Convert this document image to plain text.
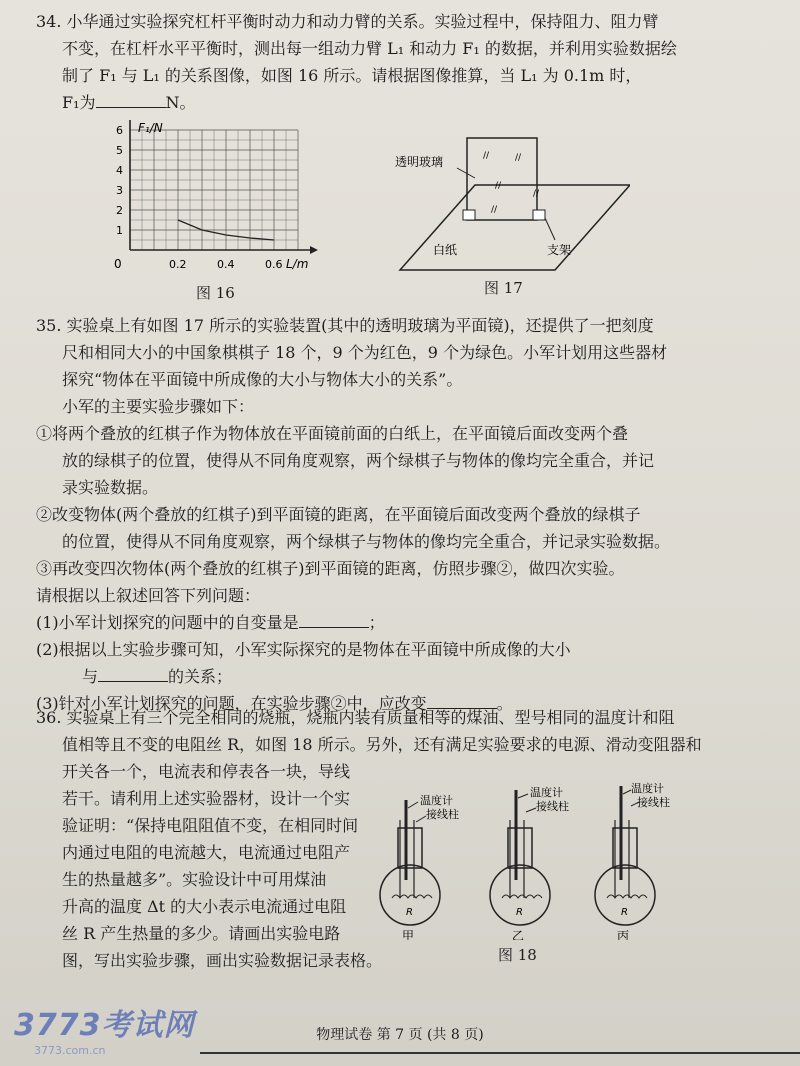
34. 小华通过实验探究杠杆平衡时动力和动力臂的关系。实验过程中，保持阻力、阻力臂

不变，在杠杆水平平衡时，测出每一组动力臂 L₁ 和动力 F₁ 的数据，并利用实验数据绘

制了 F₁ 与 L₁ 的关系图像，如图 16 所示。请根据图像推算，当 L₁ 为 0.1m 时，

F₁为	N。

1
2
3
4
5
6
0.2	0.4	0.6
0
F₁/N
L/m
图 16
//	//
//
//
//
透明玻璃
白纸	支架
图 17

35. 实验桌上有如图 17 所示的实验装置(其中的透明玻璃为平面镜)，还提供了一把刻度

尺和相同大小的中国象棋棋子 18 个，9 个为红色，9 个为绿色。小军计划用这些器材

探究“物体在平面镜中所成像的大小与物体大小的关系”。

小军的主要实验步骤如下：

①将两个叠放的红棋子作为物体放在平面镜前面的白纸上，在平面镜后面改变两个叠

放的绿棋子的位置，使得从不同角度观察，两个绿棋子与物体的像均完全重合，并记

录实验数据。

②改变物体(两个叠放的红棋子)到平面镜的距离，在平面镜后面改变两个叠放的绿棋子

的位置，使得从不同角度观察，两个绿棋子与物体的像均完全重合，并记录实验数据。

③再改变四次物体(两个叠放的红棋子)到平面镜的距离，仿照步骤②，做四次实验。

请根据以上叙述回答下列问题：

(1)小军计划探究的问题中的自变量是	；

(2)根据以上实验步骤可知，小军实际探究的是物体在平面镜中所成像的大小

与	的关系；

(3)针对小军计划探究的问题，在实验步骤②中，应改变	。

36. 实验桌上有三个完全相同的烧瓶，烧瓶内装有质量相等的煤油、型号相同的温度计和阻

值相等且不变的电阻丝 R，如图 18 所示。另外，还有满足实验要求的电源、滑动变阻器和

开关各一个，电流表和停表各一块，导线

若干。请利用上述实验器材，设计一个实

验证明：“保持电阻阻值不变，在相同时间

内通过电阻的电流越大，电流通过电阻产

生的热量越多”。实验设计中可用煤油

升高的温度 Δt 的大小表示电流通过电阻

丝 R 产生热量的多少。请画出实验电路

图，写出实验步骤，画出实验数据记录表格。

R
温度计
接线柱
甲
R
温度计
接线柱
乙
R
温度计
接线柱
丙
图 18
物理试卷 第 7 页 (共 8 页)
3773考试网
3773.com.cn
